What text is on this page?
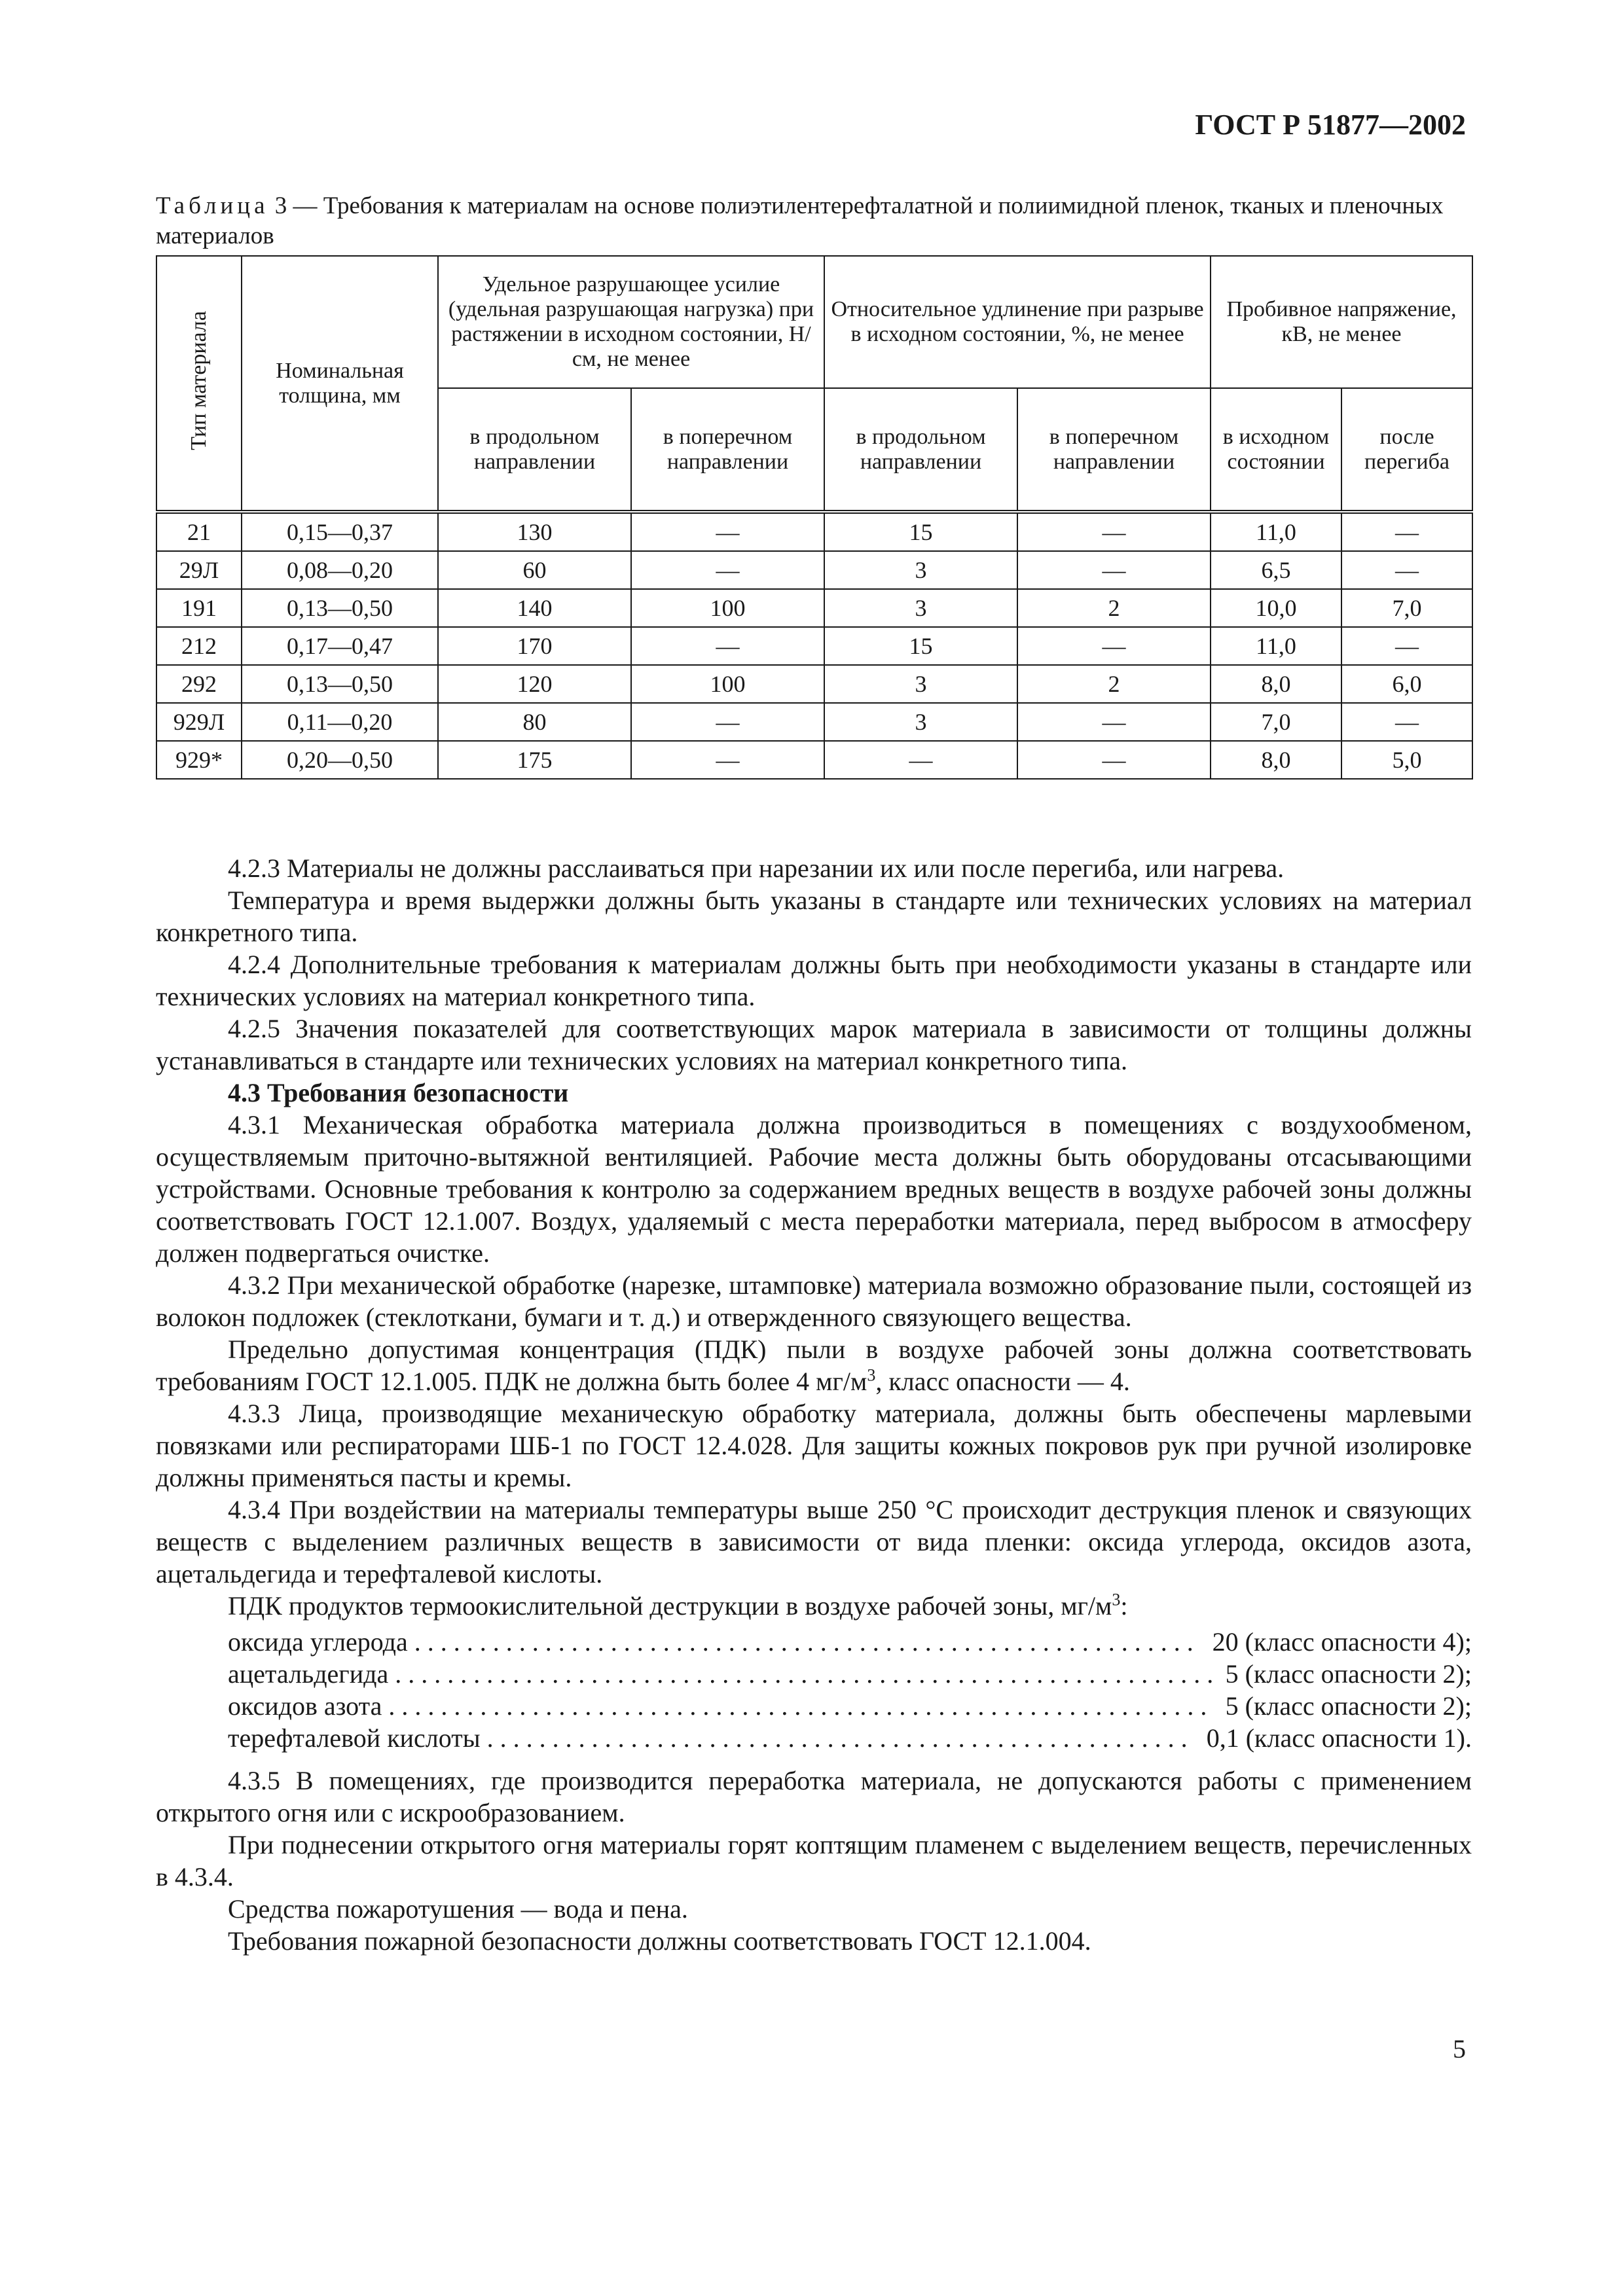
ГОСТ Р 51877—2002
Таблица 3 — Требования к материалам на основе полиэтилентерефталатной и полиимидной пленок, тканых и пленочных материалов
Тип материала	Номинальная толщина, мм	Удельное разрушающее усилие (удельная разрушающая нагрузка) при растяжении в исходном состоянии, Н/см, не менее		Относительное удлинение при разрыве в исходном состоянии, %, не менее		Пробивное напряжение, кВ, не менее	
		в продольном направлении	в поперечном направлении	в продольном направлении	в поперечном направлении	в исходном состоянии	после перегиба
21	0,15—0,37	130	—	15	—	11,0	—
29Л	0,08—0,20	60	—	3	—	6,5	—
191	0,13—0,50	140	100	3	2	10,0	7,0
212	0,17—0,47	170	—	15	—	11,0	—
292	0,13—0,50	120	100	3	2	8,0	6,0
929Л	0,11—0,20	80	—	3	—	7,0	—
929*	0,20—0,50	175	—	—	—	8,0	5,0

4.2.3 Материалы не должны расслаиваться при нарезании их или после перегиба, или нагрева.

Температура и время выдержки должны быть указаны в стандарте или технических условиях на материал конкретного типа.

4.2.4 Дополнительные требования к материалам должны быть при необходимости указаны в стандарте или технических условиях на материал конкретного типа.

4.2.5 Значения показателей для соответствующих марок материала в зависимости от толщины должны устанавливаться в стандарте или технических условиях на материал конкретного типа.

4.3 Требования безопасности

4.3.1 Механическая обработка материала должна производиться в помещениях с воздухообменом, осуществляемым приточно-вытяжной вентиляцией. Рабочие места должны быть оборудованы отсасывающими устройствами. Основные требования к контролю за содержанием вредных веществ в воздухе рабочей зоны должны соответствовать ГОСТ 12.1.007. Воздух, удаляемый с места переработки материала, перед выбросом в атмосферу должен подвергаться очистке.

4.3.2 При механической обработке (нарезке, штамповке) материала возможно образование пыли, состоящей из волокон подложек (стеклоткани, бумаги и т. д.) и отвержденного связующего вещества.

Предельно допустимая концентрация (ПДК) пыли в воздухе рабочей зоны должна соответствовать требованиям ГОСТ 12.1.005. ПДК не должна быть более 4 $мг/м^3$, класс опасности — 4.

4.3.3 Лица, производящие механическую обработку материала, должны быть обеспечены марлевыми повязками или респираторами ШБ-1 по ГОСТ 12.4.028. Для защиты кожных покровов рук при ручной изолировке должны применяться пасты и кремы.

4.3.4 При воздействии на материалы температуры выше 250 °С происходит деструкция пленок и связующих веществ с выделением различных веществ в зависимости от вида пленки: оксида углерода, оксидов азота, ацетальдегида и терефталевой кислоты.

ПДК продуктов термоокислительной деструкции в воздухе рабочей зоны, $мг/м^3$:

оксида углерода . . .	20 (класс опасности 4);
ацетальдегида . . .	5 (класс опасности 2);
оксидов азота . . .	5 (класс опасности 2);
терефталевой кислоты . . .	0,1 (класс опасности 1).

4.3.5 В помещениях, где производится переработка материала, не допускаются работы с применением открытого огня или с искрообразованием.

При поднесении открытого огня материалы горят коптящим пламенем с выделением веществ, перечисленных в 4.3.4.

Средства пожаротушения — вода и пена.

Требования пожарной безопасности должны соответствовать ГОСТ 12.1.004.

5
